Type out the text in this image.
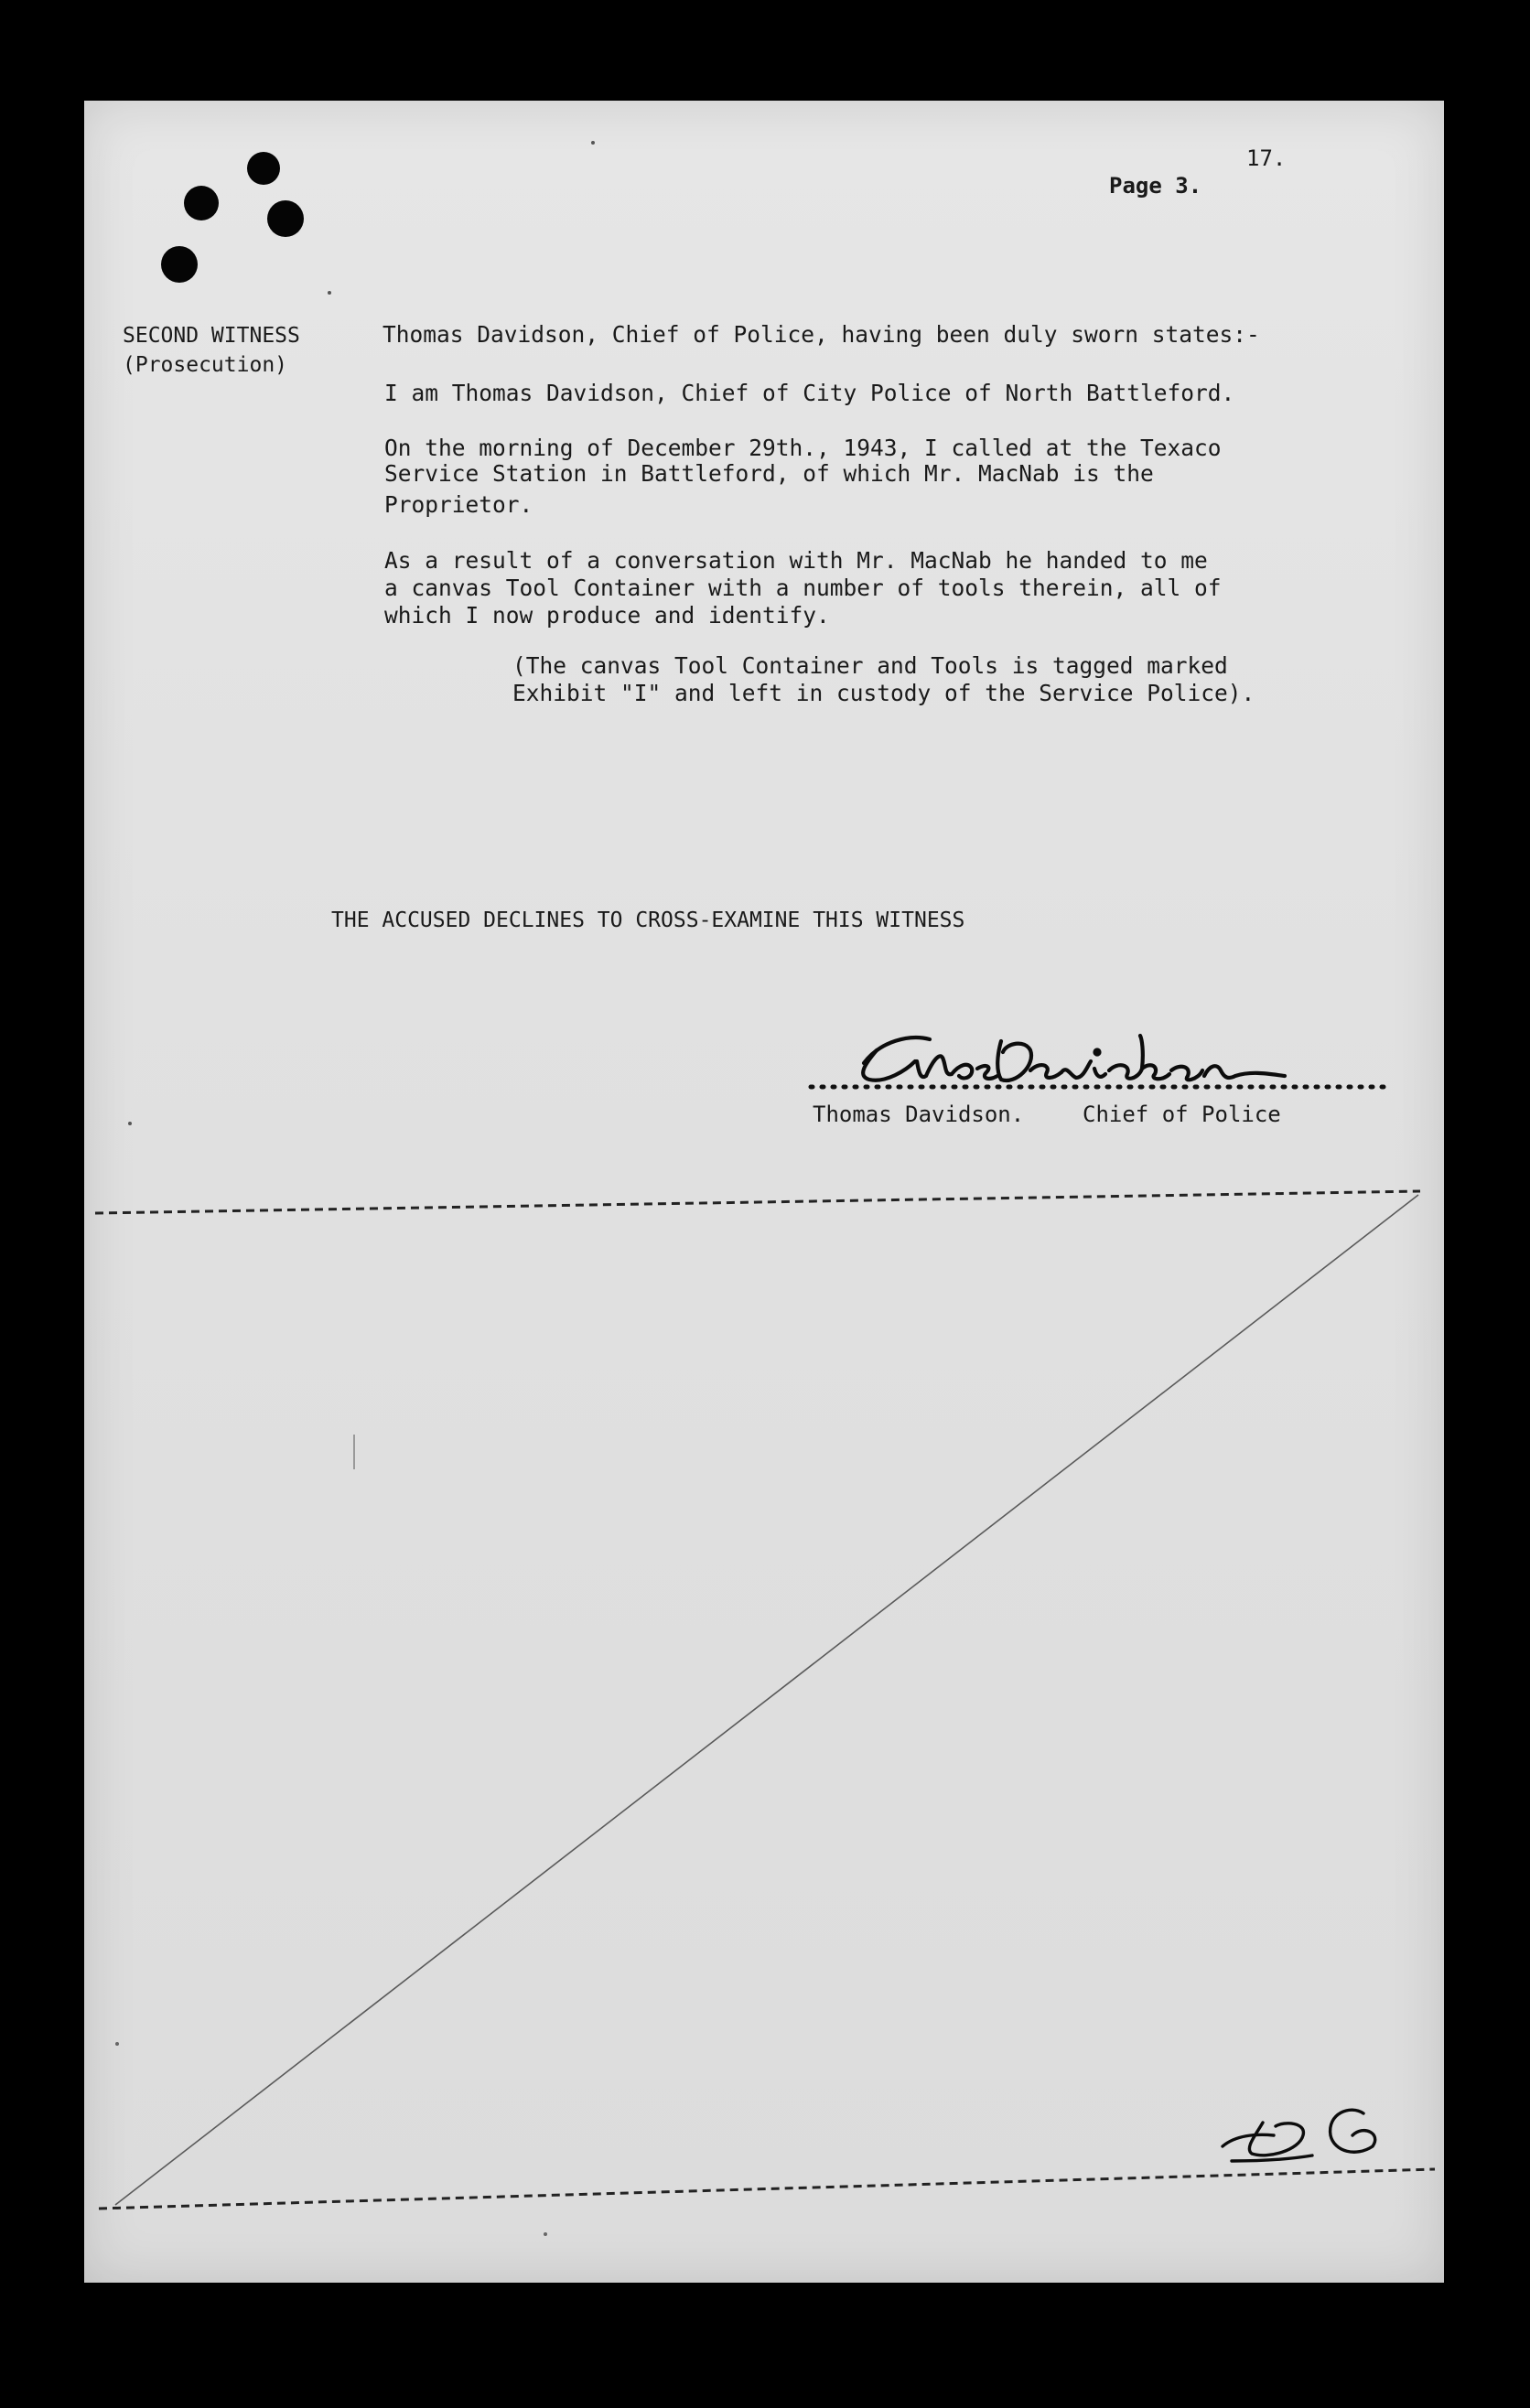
17.

Page 3.

SECOND WITNESS

(Prosecution)

Thomas Davidson, Chief of Police, having been duly sworn states:-

I am Thomas Davidson, Chief of City Police of North Battleford.

On the morning of December 29th., 1943, I called at the Texaco

Service Station in Battleford, of which Mr. MacNab is the

Proprietor.

As a result of a conversation with Mr. MacNab he handed to me

a canvas Tool Container with a number of tools therein, all of

which I now produce and identify.

(The canvas Tool Container and Tools is tagged marked

Exhibit "I" and left in custody of the Service Police).

THE ACCUSED DECLINES TO CROSS-EXAMINE THIS WITNESS

Thomas Davidson.	Chief of Police
